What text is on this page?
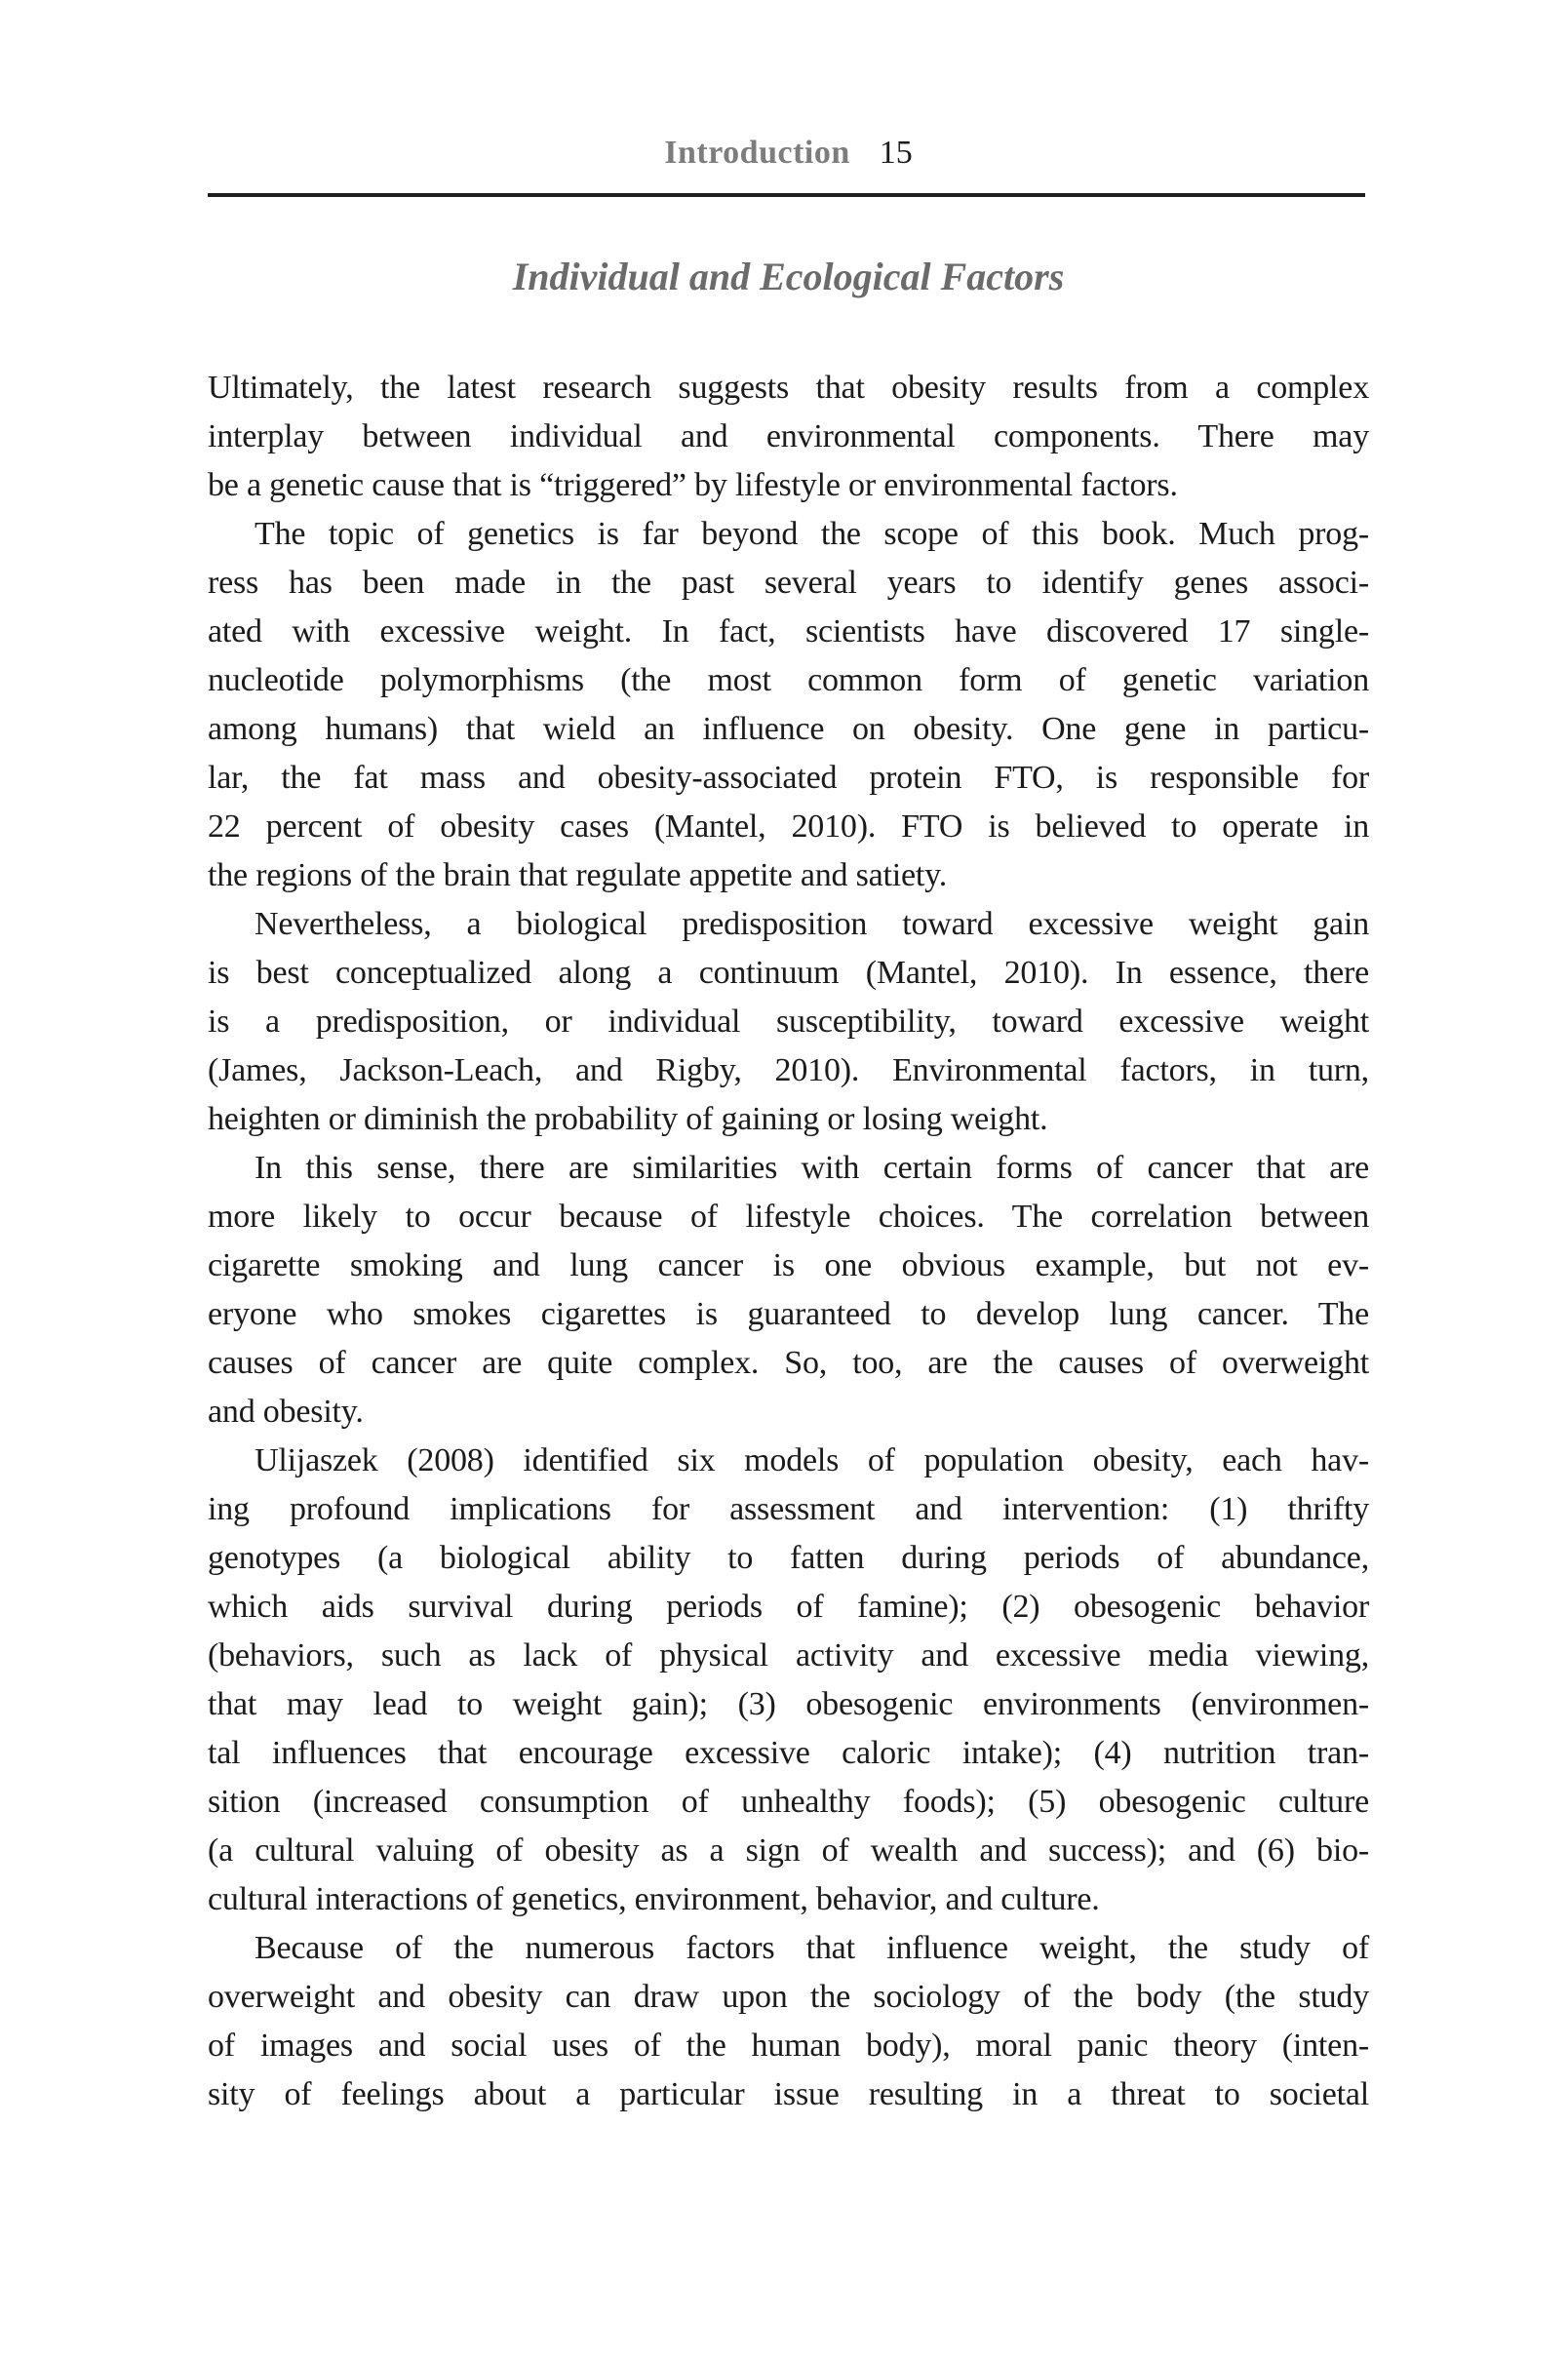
Introduction 15
Individual and Ecological Factors
Ultimately, the latest research suggests that obesity results from a complex
interplay between individual and environmental components. There may
be a genetic cause that is “triggered” by lifestyle or environmental factors.
The topic of genetics is far beyond the scope of this book. Much prog-
ress has been made in the past several years to identify genes associ-
ated with excessive weight. In fact, scientists have discovered 17 single-
nucleotide polymorphisms (the most common form of genetic variation
among humans) that wield an influence on obesity. One gene in particu-
lar, the fat mass and obesity-associated protein FTO, is responsible for
22 percent of obesity cases (Mantel, 2010). FTO is believed to operate in
the regions of the brain that regulate appetite and satiety.
Nevertheless, a biological predisposition toward excessive weight gain
is best conceptualized along a continuum (Mantel, 2010). In essence, there
is a predisposition, or individual susceptibility, toward excessive weight
(James, Jackson-Leach, and Rigby, 2010). Environmental factors, in turn,
heighten or diminish the probability of gaining or losing weight.
In this sense, there are similarities with certain forms of cancer that are
more likely to occur because of lifestyle choices. The correlation between
cigarette smoking and lung cancer is one obvious example, but not ev-
eryone who smokes cigarettes is guaranteed to develop lung cancer. The
causes of cancer are quite complex. So, too, are the causes of overweight
and obesity.
Ulijaszek (2008) identified six models of population obesity, each hav-
ing profound implications for assessment and intervention: (1) thrifty
genotypes (a biological ability to fatten during periods of abundance,
which aids survival during periods of famine); (2) obesogenic behavior
(behaviors, such as lack of physical activity and excessive media viewing,
that may lead to weight gain); (3) obesogenic environments (environmen-
tal influences that encourage excessive caloric intake); (4) nutrition tran-
sition (increased consumption of unhealthy foods); (5) obesogenic culture
(a cultural valuing of obesity as a sign of wealth and success); and (6) bio-
cultural interactions of genetics, environment, behavior, and culture.
Because of the numerous factors that influence weight, the study of
overweight and obesity can draw upon the sociology of the body (the study
of images and social uses of the human body), moral panic theory (inten-
sity of feelings about a particular issue resulting in a threat to societal
